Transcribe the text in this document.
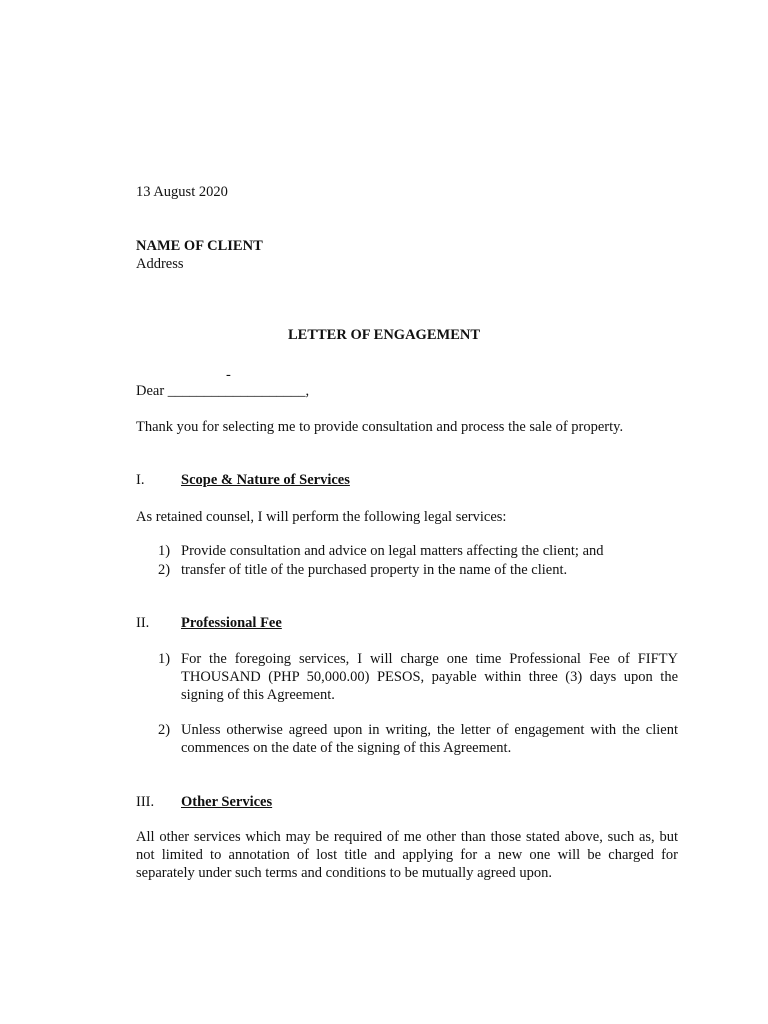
13 August 2020
NAME OF CLIENT
Address
LETTER OF ENGAGEMENT
-
Dear ___________________,
Thank you for selecting me to provide consultation and process the sale of property.
I.	Scope & Nature of Services
As retained counsel, I will perform the following legal services:
1) Provide consultation and advice on legal matters affecting the client; and
2) transfer of title of the purchased property in the name of the client.
II. Professional Fee
1) For the foregoing services, I will charge one time Professional Fee of FIFTY THOUSAND (PHP 50,000.00) PESOS, payable within three (3) days upon the signing of this Agreement.
2) Unless otherwise agreed upon in writing, the letter of engagement with the client commences on the date of the signing of this Agreement.
III. Other Services
All other services which may be required of me other than those stated above, such as, but not limited to annotation of lost title and applying for a new one will be charged for separately under such terms and conditions to be mutually agreed upon.
